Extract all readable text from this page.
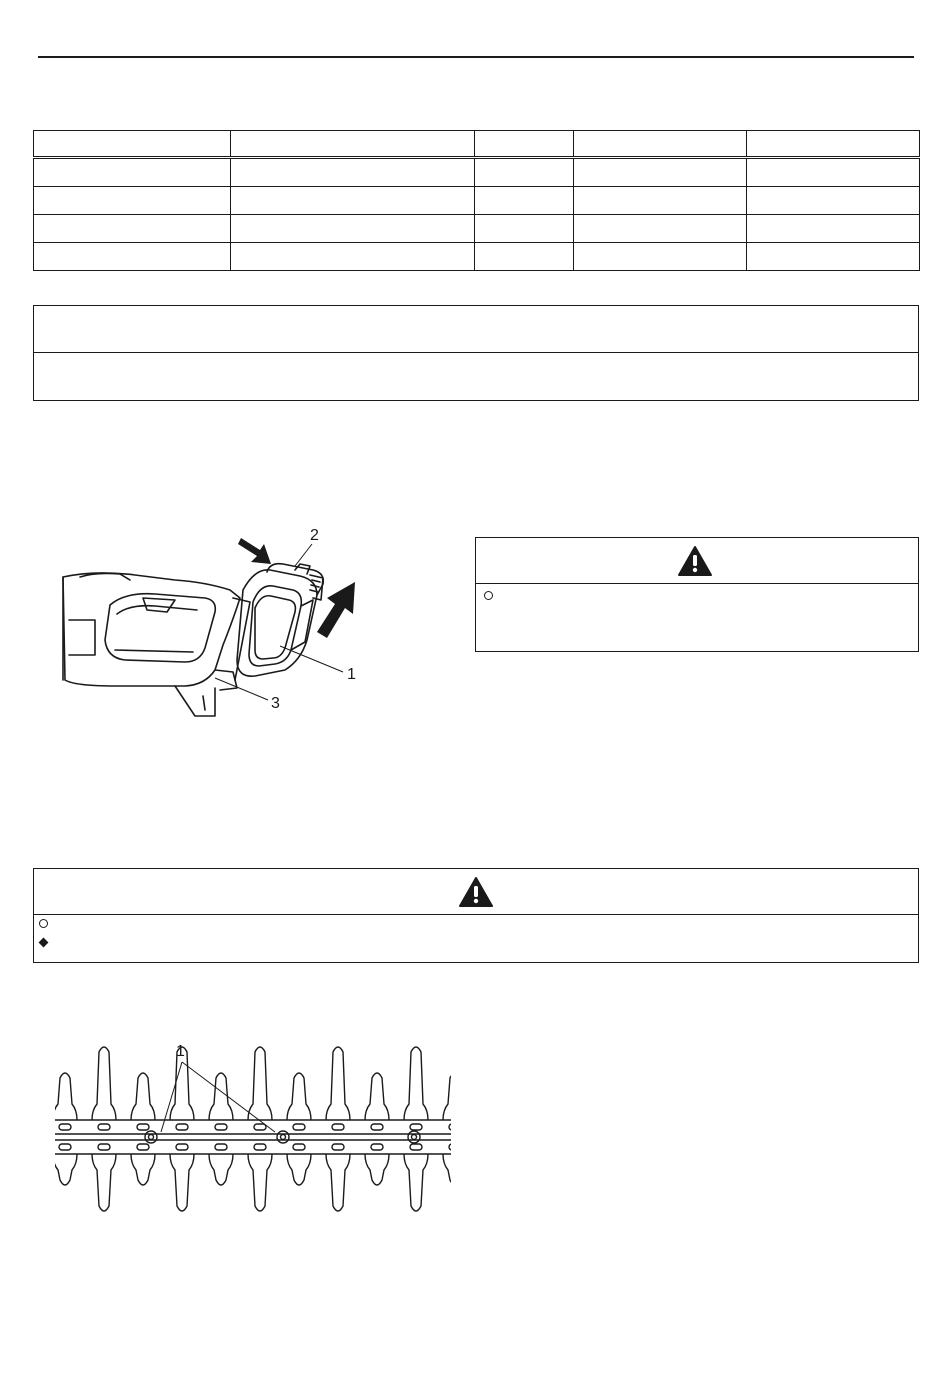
2
1
3
1
